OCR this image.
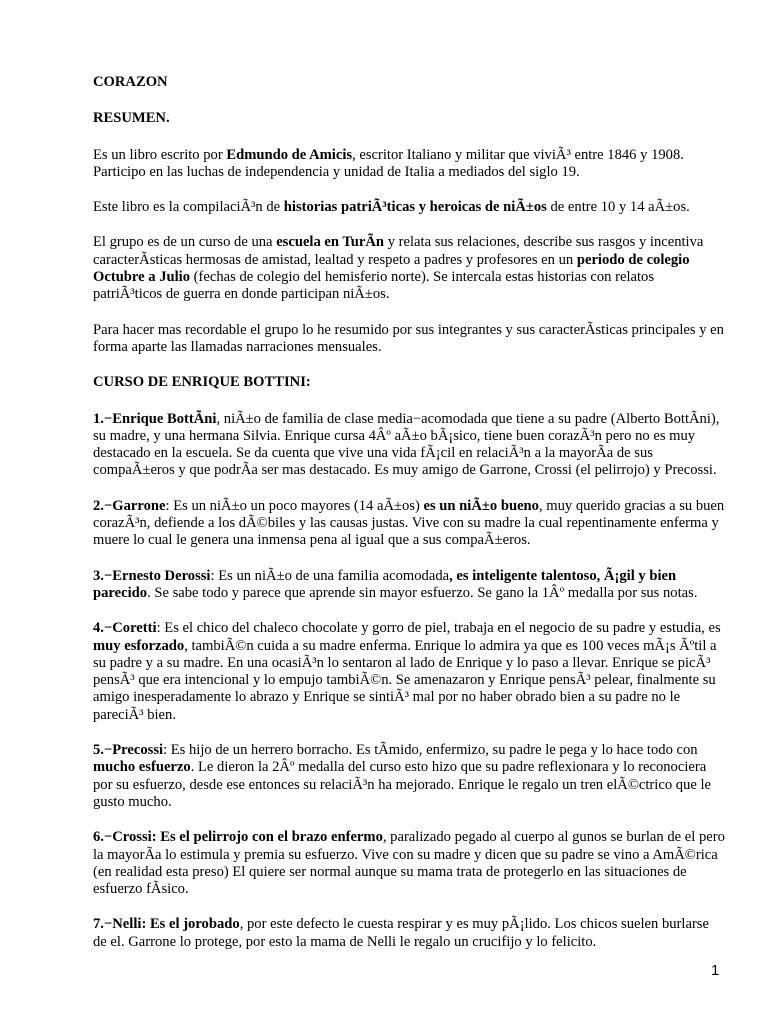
CORAZON

RESUMEN.

Es un libro escrito por Edmundo de Amicis, escritor Italiano y militar que viviÃ³ entre 1846 y 1908. Participo en las luchas de independencia y unidad de Italia a mediados del siglo 19.

Este libro es la compilaciÃ³n de historias patriÃ³ticas y heroicas de niÃ±os de entre 10 y 14 aÃ±os.

El grupo es de un curso de una escuela en TurÃn y relata sus relaciones, describe sus rasgos y incentiva caracterÃsticas hermosas de amistad, lealtad y respeto a padres y profesores en un periodo de colegio Octubre a Julio (fechas de colegio del hemisferio norte). Se intercala estas historias con relatos patriÃ³ticos de guerra en donde participan niÃ±os.

Para hacer mas recordable el grupo lo he resumido por sus integrantes y sus caracterÃsticas principales y en forma aparte las llamadas narraciones mensuales.

CURSO DE ENRIQUE BOTTINI:

1.−Enrique BottÃni, niÃ±o de familia de clase media−acomodada que tiene a su padre (Alberto BottÃni), su madre, y una hermana Silvia. Enrique cursa 4Âº aÃ±o bÃ¡sico, tiene buen corazÃ³n pero no es muy destacado en la escuela. Se da cuenta que vive una vida fÃ¡cil en relaciÃ³n a la mayorÃa de sus compaÃ±eros y que podrÃa ser mas destacado. Es muy amigo de Garrone, Crossi (el pelirrojo) y Precossi.

2.−Garrone: Es un niÃ±o un poco mayores (14 aÃ±os) es un niÃ±o bueno, muy querido gracias a su buen corazÃ³n, defiende a los dÃ©biles y las causas justas. Vive con su madre la cual repentinamente enferma y muere lo cual le genera una inmensa pena al igual que a sus compaÃ±eros.

3.−Ernesto Derossi: Es un niÃ±o de una familia acomodada, es inteligente talentoso, Ã¡gil y bien parecido. Se sabe todo y parece que aprende sin mayor esfuerzo. Se gano la 1Âº medalla por sus notas.

4.−Coretti: Es el chico del chaleco chocolate y gorro de piel, trabaja en el negocio de su padre y estudia, es muy esforzado, tambiÃ©n cuida a su madre enferma. Enrique lo admira ya que es 100 veces mÃ¡s Ãºtil a su padre y a su madre. En una ocasiÃ³n lo sentaron al lado de Enrique y lo paso a llevar. Enrique se picÃ³ pensÃ³ que era intencional y lo empujo tambiÃ©n. Se amenazaron y Enrique pensÃ³ pelear, finalmente su amigo inesperadamente lo abrazo y Enrique se sintiÃ³ mal por no haber obrado bien a su padre no le pareciÃ³ bien.

5.−Precossi: Es hijo de un herrero borracho. Es tÃmido, enfermizo, su padre le pega y lo hace todo con mucho esfuerzo. Le dieron la 2Âº medalla del curso esto hizo que su padre reflexionara y lo reconociera por su esfuerzo, desde ese entonces su relaciÃ³n ha mejorado. Enrique le regalo un tren elÃ©ctrico que le gusto mucho.

6.−Crossi: Es el pelirrojo con el brazo enfermo, paralizado pegado al cuerpo al gunos se burlan de el pero la mayorÃa lo estimula y premia su esfuerzo. Vive con su madre y dicen que su padre se vino a AmÃ©rica (en realidad esta preso) El quiere ser normal aunque su mama trata de protegerlo en las situaciones de esfuerzo fÃsico.

7.−Nelli: Es el jorobado, por este defecto le cuesta respirar y es muy pÃ¡lido. Los chicos suelen burlarse de el. Garrone lo protege, por esto la mama de Nelli le regalo un crucifijo y lo felicito.

1
